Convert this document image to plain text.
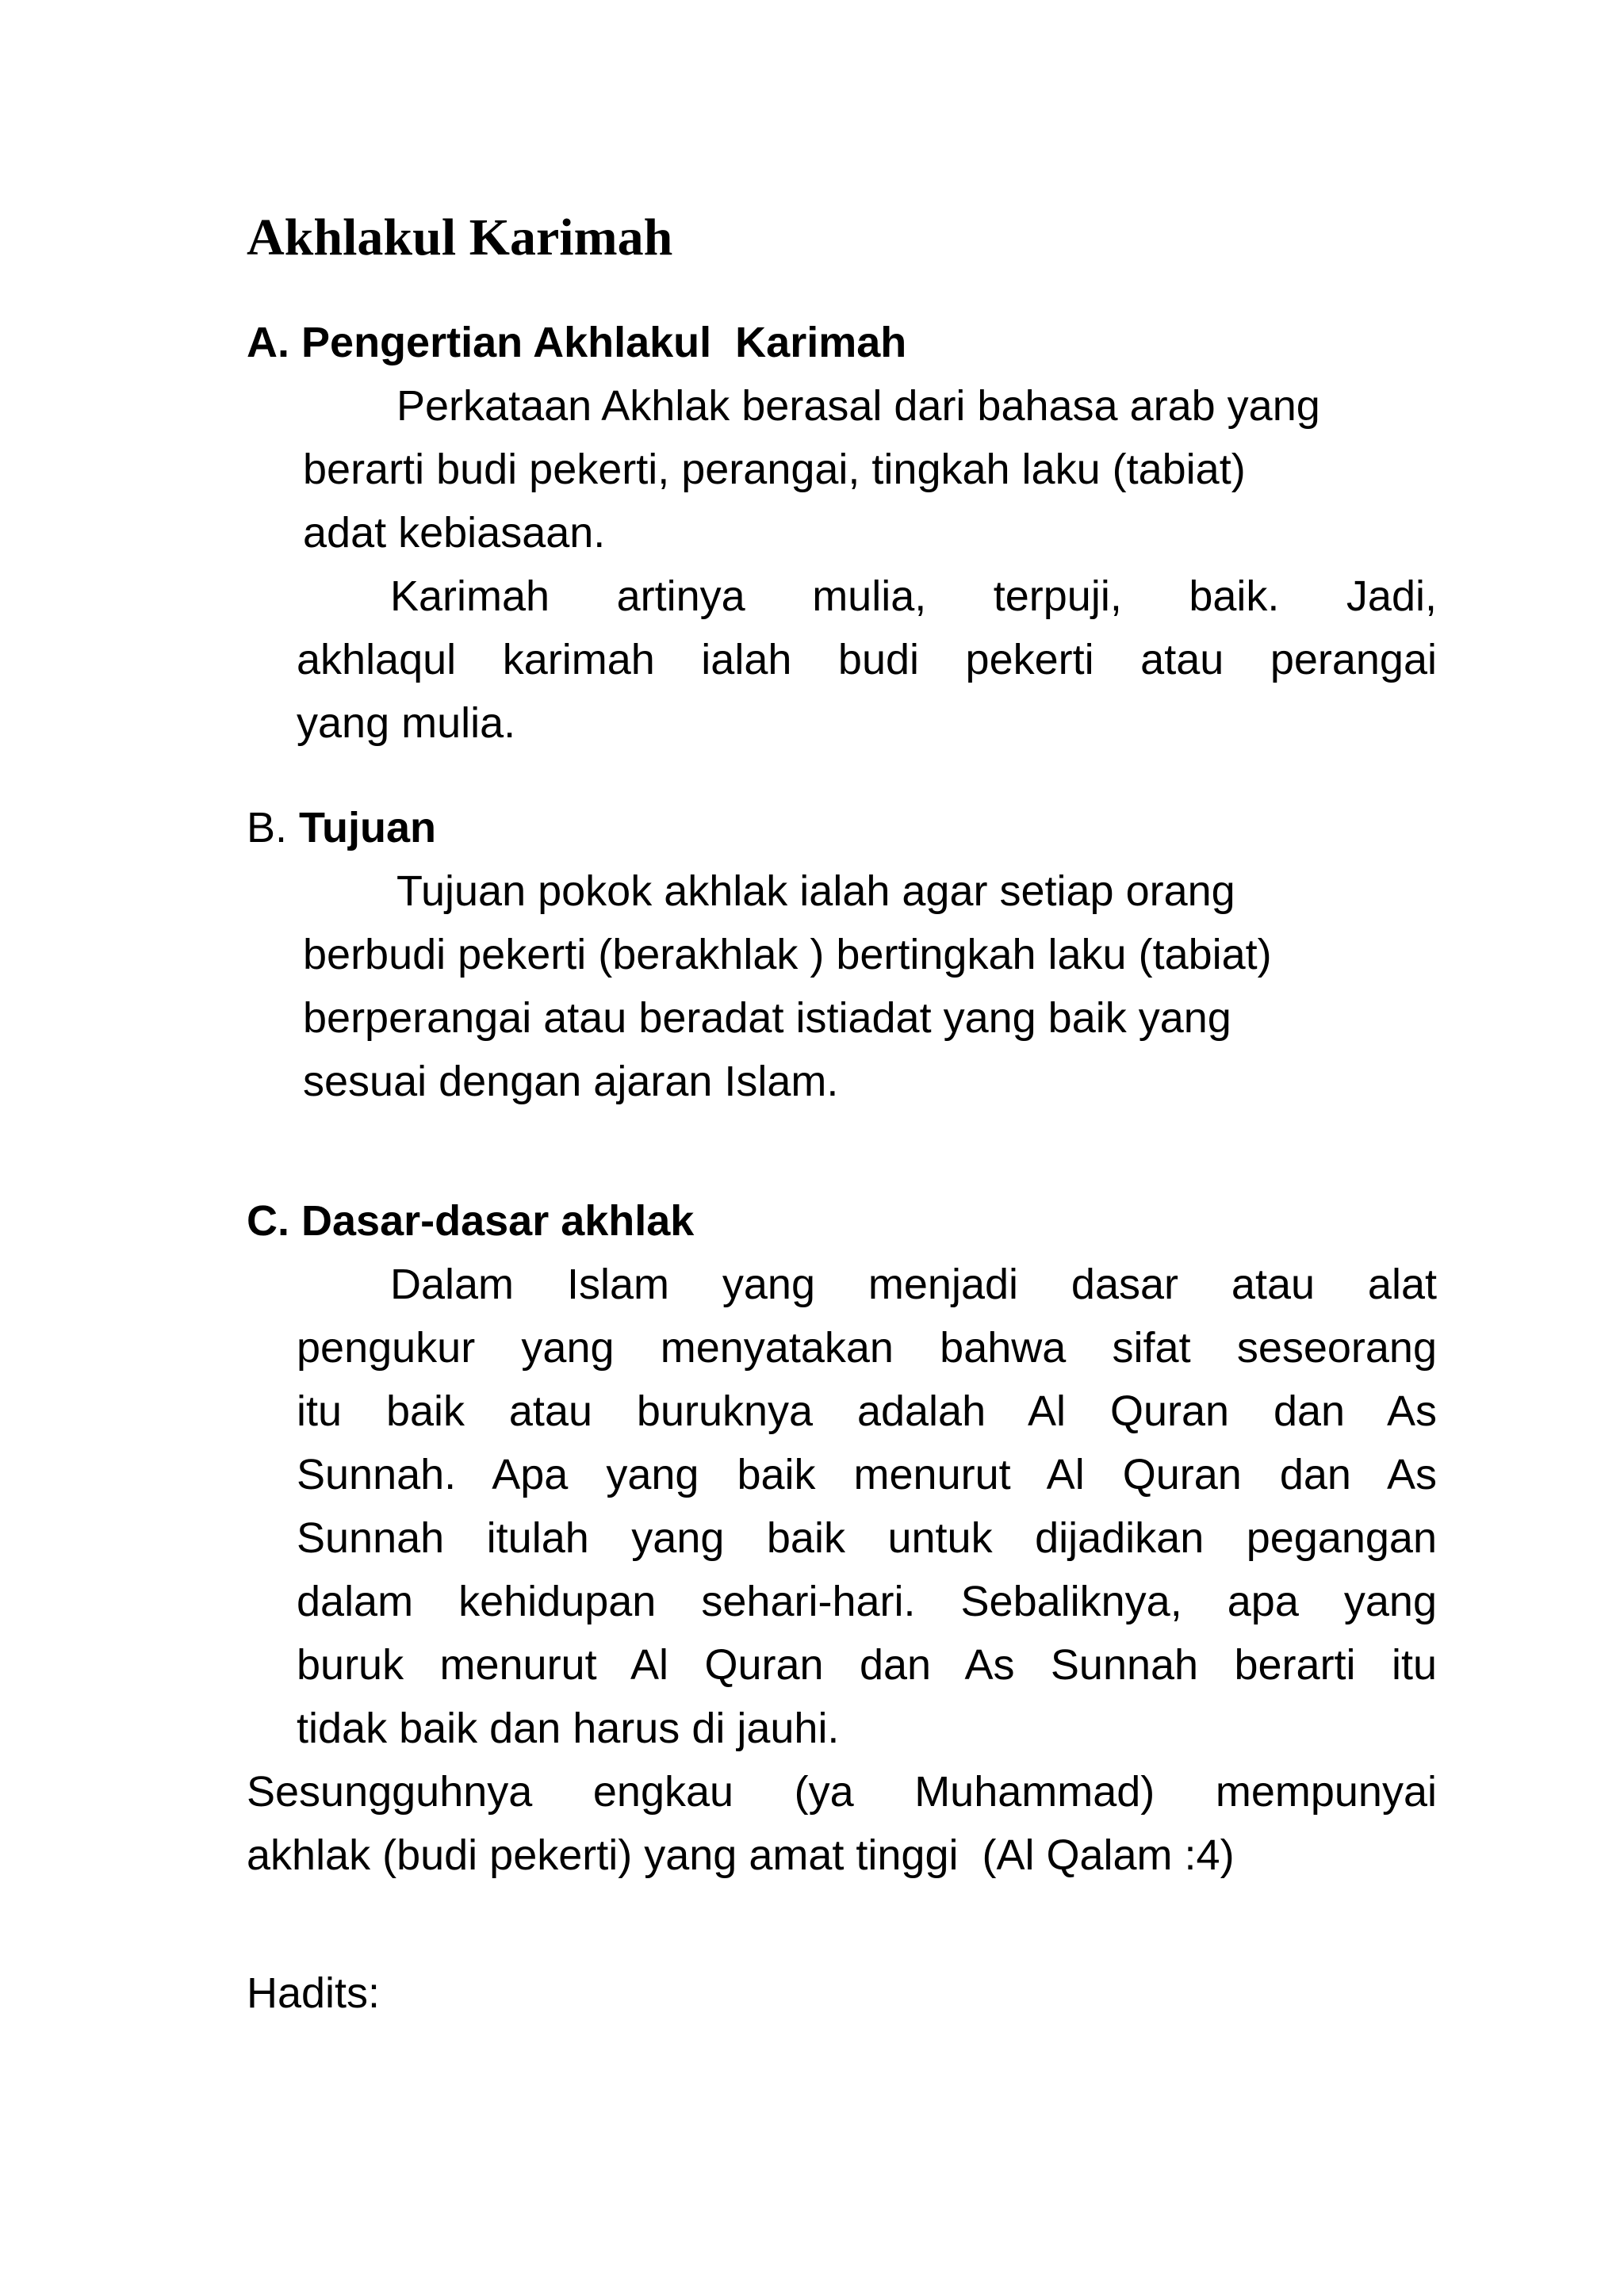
Akhlakul Karimah
A. Pengertian Akhlakul  Karimah
Perkataan Akhlak berasal dari bahasa arab yang
berarti budi pekerti, perangai, tingkah laku (tabiat)
adat kebiasaan.
Karimah artinya mulia, terpuji, baik. Jadi,
akhlaqul karimah ialah budi pekerti atau perangai
yang mulia.
B. Tujuan
Tujuan pokok akhlak ialah agar setiap orang
berbudi pekerti (berakhlak ) bertingkah laku (tabiat)
berperangai atau beradat istiadat yang baik yang
sesuai dengan ajaran Islam.
C. Dasar-dasar akhlak
Dalam Islam yang menjadi dasar atau alat
pengukur yang menyatakan bahwa sifat seseorang
itu baik atau buruknya adalah Al Quran dan As
Sunnah. Apa yang baik menurut Al Quran dan As
Sunnah itulah yang baik untuk dijadikan pegangan
dalam kehidupan sehari-hari. Sebaliknya, apa yang
buruk menurut Al Quran dan As Sunnah berarti itu
tidak baik dan harus di jauhi.
Sesungguhnya engkau (ya Muhammad) mempunyai
akhlak (budi pekerti) yang amat tinggi  (Al Qalam :4)
Hadits:
